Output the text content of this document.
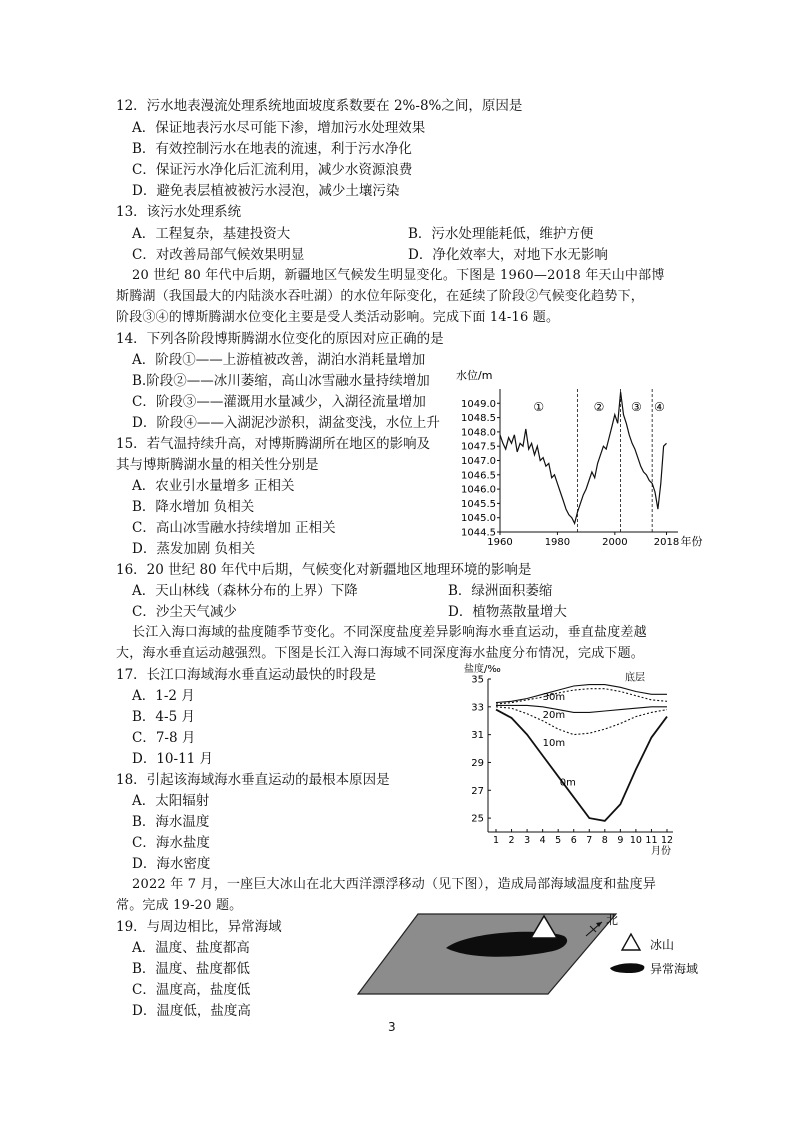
12．污水地表漫流处理系统地面坡度系数要在 2%-8%之间，原因是
A．保证地表污水尽可能下渗，增加污水处理效果
B．有效控制污水在地表的流速，利于污水净化
C．保证污水净化后汇流利用，减少水资源浪费
D．避免表层植被被污水浸泡，减少土壤污染
13．该污水处理系统
A．工程复杂，基建投资大	B．污水处理能耗低，维护方便
C．对改善局部气候效果明显	D．净化效率大，对地下水无影响
20 世纪 80 年代中后期，新疆地区气候发生明显变化。下图是 1960—2018 年天山中部博
斯腾湖（我国最大的内陆淡水吞吐湖）的水位年际变化，在延续了阶段②气候变化趋势下，
阶段③④的博斯腾湖水位变化主要是受人类活动影响。完成下面 14-16 题。
14．下列各阶段博斯腾湖水位变化的原因对应正确的是
A．阶段①——上游植被改善，湖泊水消耗量增加
B.阶段②——冰川萎缩，高山冰雪融水量持续增加
C．阶段③——灌溉用水量减少，入湖径流量增加
D．阶段④——入湖泥沙淤积，湖盆变浅，水位上升
15．若气温持续升高，对博斯腾湖所在地区的影响及
其与博斯腾湖水量的相关性分别是
A．农业引水量增多 正相关
B．降水增加 负相关
C．高山冰雪融水持续增加 正相关
D．蒸发加剧 负相关
水位/m
1049.0
1048.5
1048.0
1047.5
1047.0
1046.5
1046.0
1045.5
1045.0
1044.5
1960	1980	2000	2018
①	② ③ ④
年份
16．20 世纪 80 年代中后期，气候变化对新疆地区地理环境的影响是
A．天山林线（森林分布的上界）下降	B．绿洲面积萎缩
C．沙尘天气减少	D．植物蒸散量增大
长江入海口海域的盐度随季节变化。不同深度盐度差异影响海水垂直运动，垂直盐度差越
大，海水垂直运动越强烈。下图是长江入海口海域不同深度海水盐度分布情况，完成下题。
17．长江口海域海水垂直运动最快的时段是
A．1-2 月
B．4-5 月
C．7-8 月
D．10-11 月
18．引起该海域海水垂直运动的最根本原因是
A．太阳辐射
B．海水温度
C．海水盐度
D．海水密度
盐度/‰
35
33
31
29
27
25
1 2 3 4 5 6 7 8 9 10 11 12
底层
30m
20m
10m
0m
月份
2022 年 7 月，一座巨大冰山在北大西洋漂浮移动（见下图），造成局部海域温度和盐度异
常。完成 19-20 题。
19．与周边相比，异常海域
A．温度、盐度都高
B．温度、盐度都低
C．温度高，盐度低
D．温度低，盐度高
北
冰山
异常海域
3
